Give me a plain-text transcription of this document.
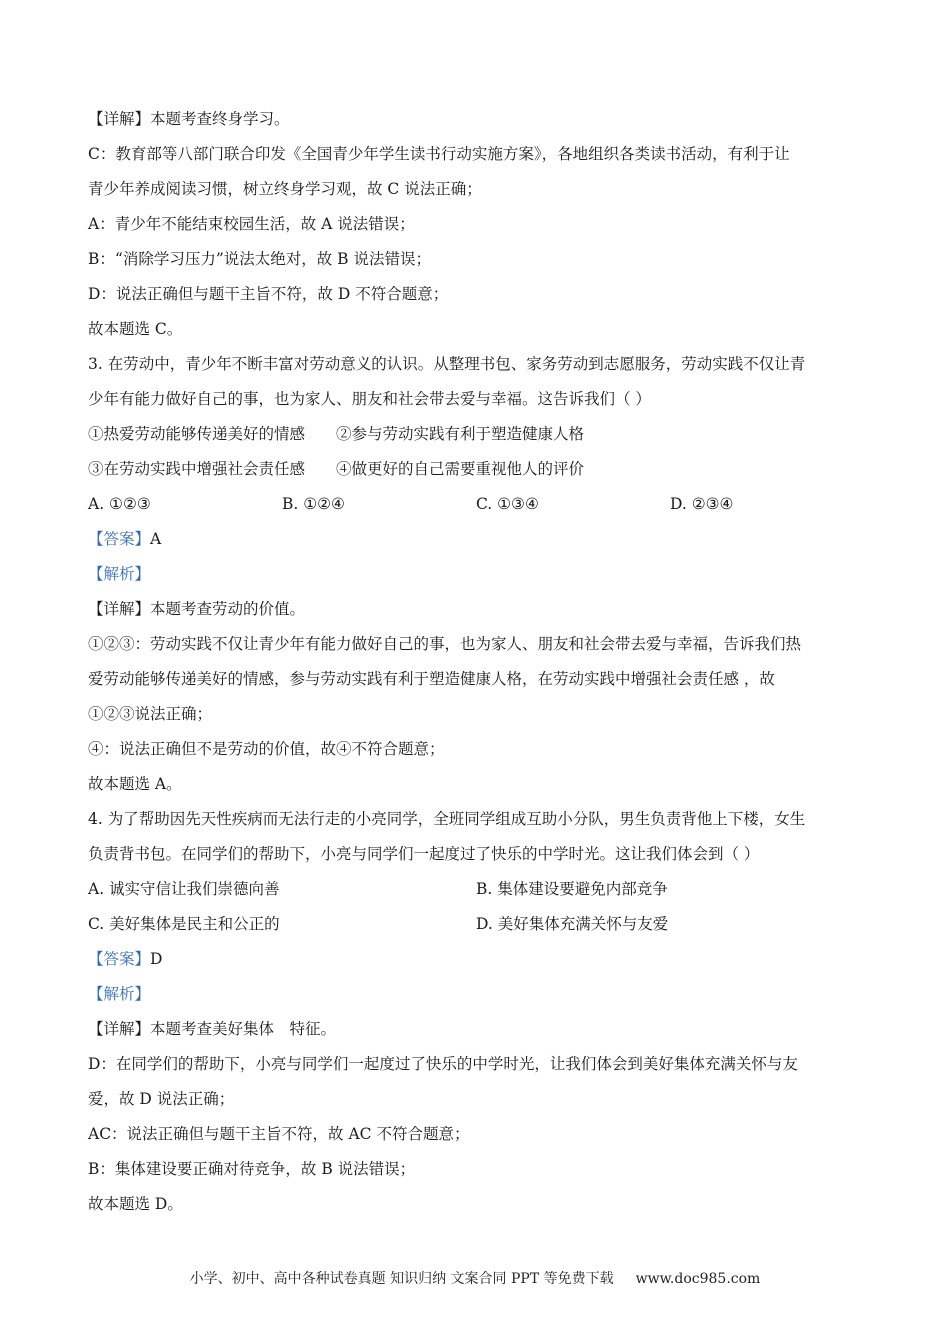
【详解】本题考查终身学习。
C：教育部等八部门联合印发《全国青少年学生读书行动实施方案》，各地组织各类读书活动，有利于让
青少年养成阅读习惯，树立终身学习观，故 C 说法正确；
A：青少年不能结束校园生活，故 A 说法错误；
B：“消除学习压力”说法太绝对，故 B 说法错误；
D：说法正确但与题干主旨不符，故 D 不符合题意；
故本题选 C。
3. 在劳动中，青少年不断丰富对劳动意义的认识。从整理书包、家务劳动到志愿服务，劳动实践不仅让青
少年有能力做好自己的事，也为家人、朋友和社会带去爱与幸福。这告诉我们（ ）
①热爱劳动能够传递美好的情感　　②参与劳动实践有利于塑造健康人格
③在劳动实践中增强社会责任感　　④做更好的自己需要重视他人的评价
A. ①②③	B. ①②④	C. ①③④	D. ②③④
【答案】A
【解析】
【详解】本题考查劳动的价值。
①②③：劳动实践不仅让青少年有能力做好自己的事，也为家人、朋友和社会带去爱与幸福，告诉我们热
爱劳动能够传递美好的情感，参与劳动实践有利于塑造健康人格，在劳动实践中增强社会责任感 ，故
①②③说法正确；
④：说法正确但不是劳动的价值，故④不符合题意；
故本题选 A。
4. 为了帮助因先天性疾病而无法行走的小亮同学，全班同学组成互助小分队，男生负责背他上下楼，女生
负责背书包。在同学们的帮助下，小亮与同学们一起度过了快乐的中学时光。这让我们体会到（ ）
A. 诚实守信让我们崇德向善	B. 集体建设要避免内部竞争
C. 美好集体是民主和公正的	D. 美好集体充满关怀与友爱
【答案】D
【解析】
【详解】本题考查美好集体　特征。
D：在同学们的帮助下，小亮与同学们一起度过了快乐的中学时光，让我们体会到美好集体充满关怀与友
爱，故 D 说法正确；
AC：说法正确但与题干主旨不符，故 AC 不符合题意；
B：集体建设要正确对待竞争，故 B 说法错误；
故本题选 D。
小学、初中、高中各种试卷真题 知识归纳 文案合同 PPT 等免费下载 www.doc985.com
